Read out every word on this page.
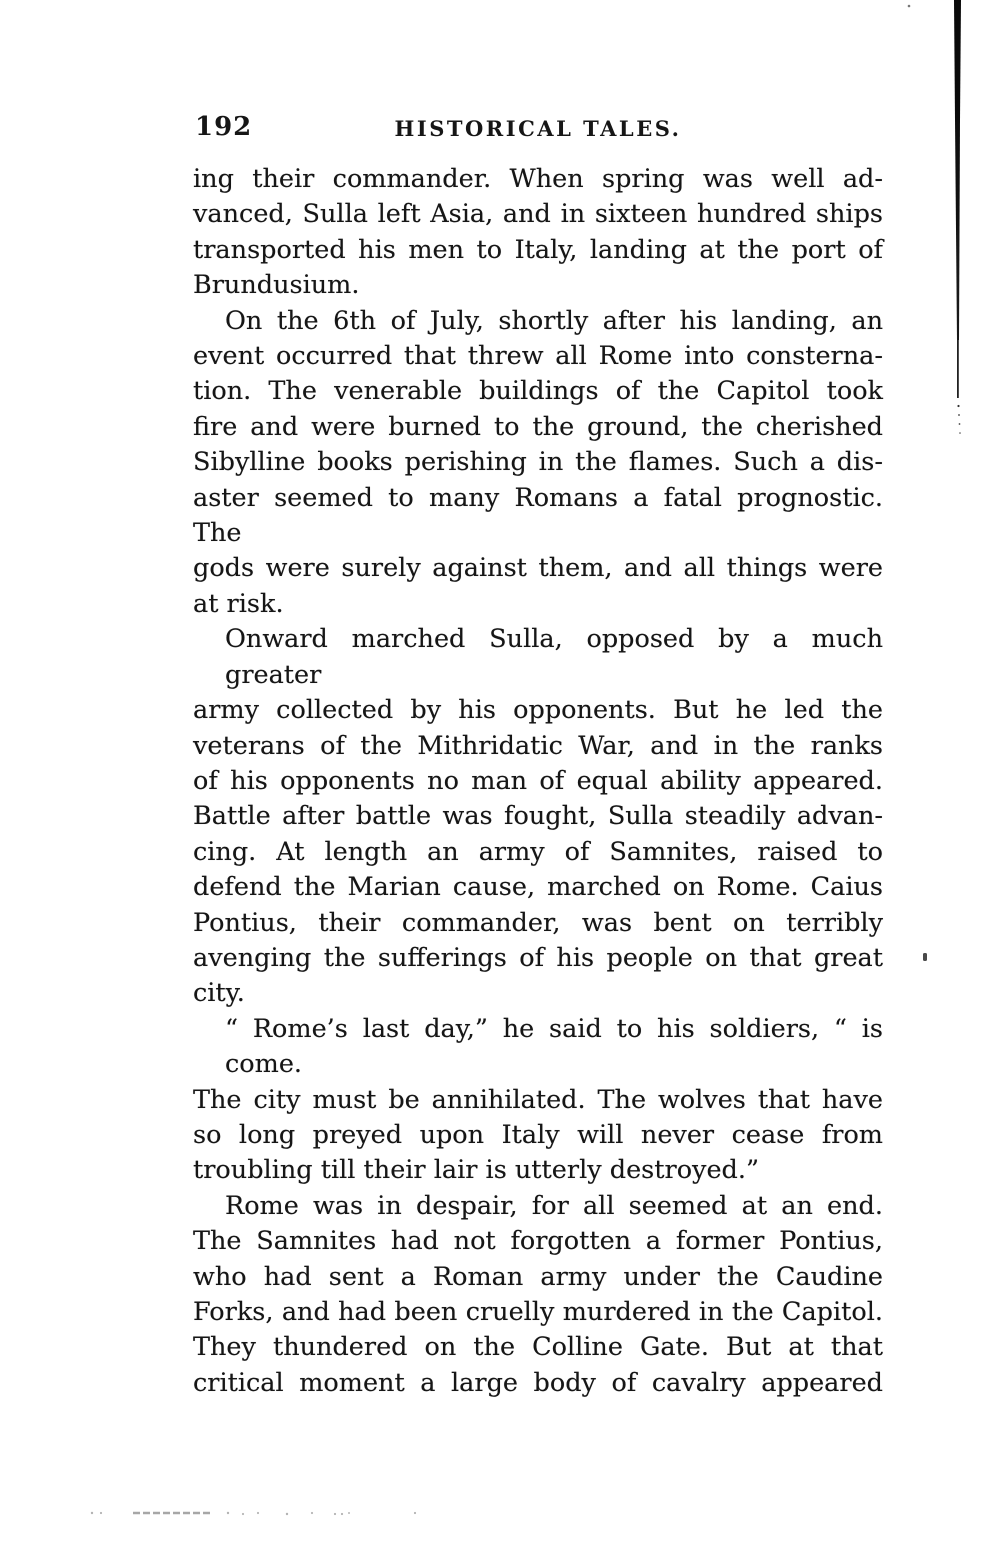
192	HISTORICAL TALES.
ing their commander. When spring was well ad-
vanced, Sulla left Asia, and in sixteen hundred ships
transported his men to Italy, landing at the port of
Brundusium.
On the 6th of July, shortly after his landing, an
event occurred that threw all Rome into consterna-
tion. The venerable buildings of the Capitol took
fire and were burned to the ground, the cherished
Sibylline books perishing in the flames. Such a dis-
aster seemed to many Romans a fatal prognostic. The
gods were surely against them, and all things were
at risk.
Onward marched Sulla, opposed by a much greater
army collected by his opponents. But he led the
veterans of the Mithridatic War, and in the ranks
of his opponents no man of equal ability appeared.
Battle after battle was fought, Sulla steadily advan-
cing. At length an army of Samnites, raised to
defend the Marian cause, marched on Rome. Caius
Pontius, their commander, was bent on terribly
avenging the sufferings of his people on that great
city.
“ Rome’s last day,” he said to his soldiers, “ is come.
The city must be annihilated. The wolves that have
so long preyed upon Italy will never cease from
troubling till their lair is utterly destroyed.”
Rome was in despair, for all seemed at an end.
The Samnites had not forgotten a former Pontius,
who had sent a Roman army under the Caudine
Forks, and had been cruelly murdered in the Capitol.
They thundered on the Colline Gate. But at that
critical moment a large body of cavalry appeared
